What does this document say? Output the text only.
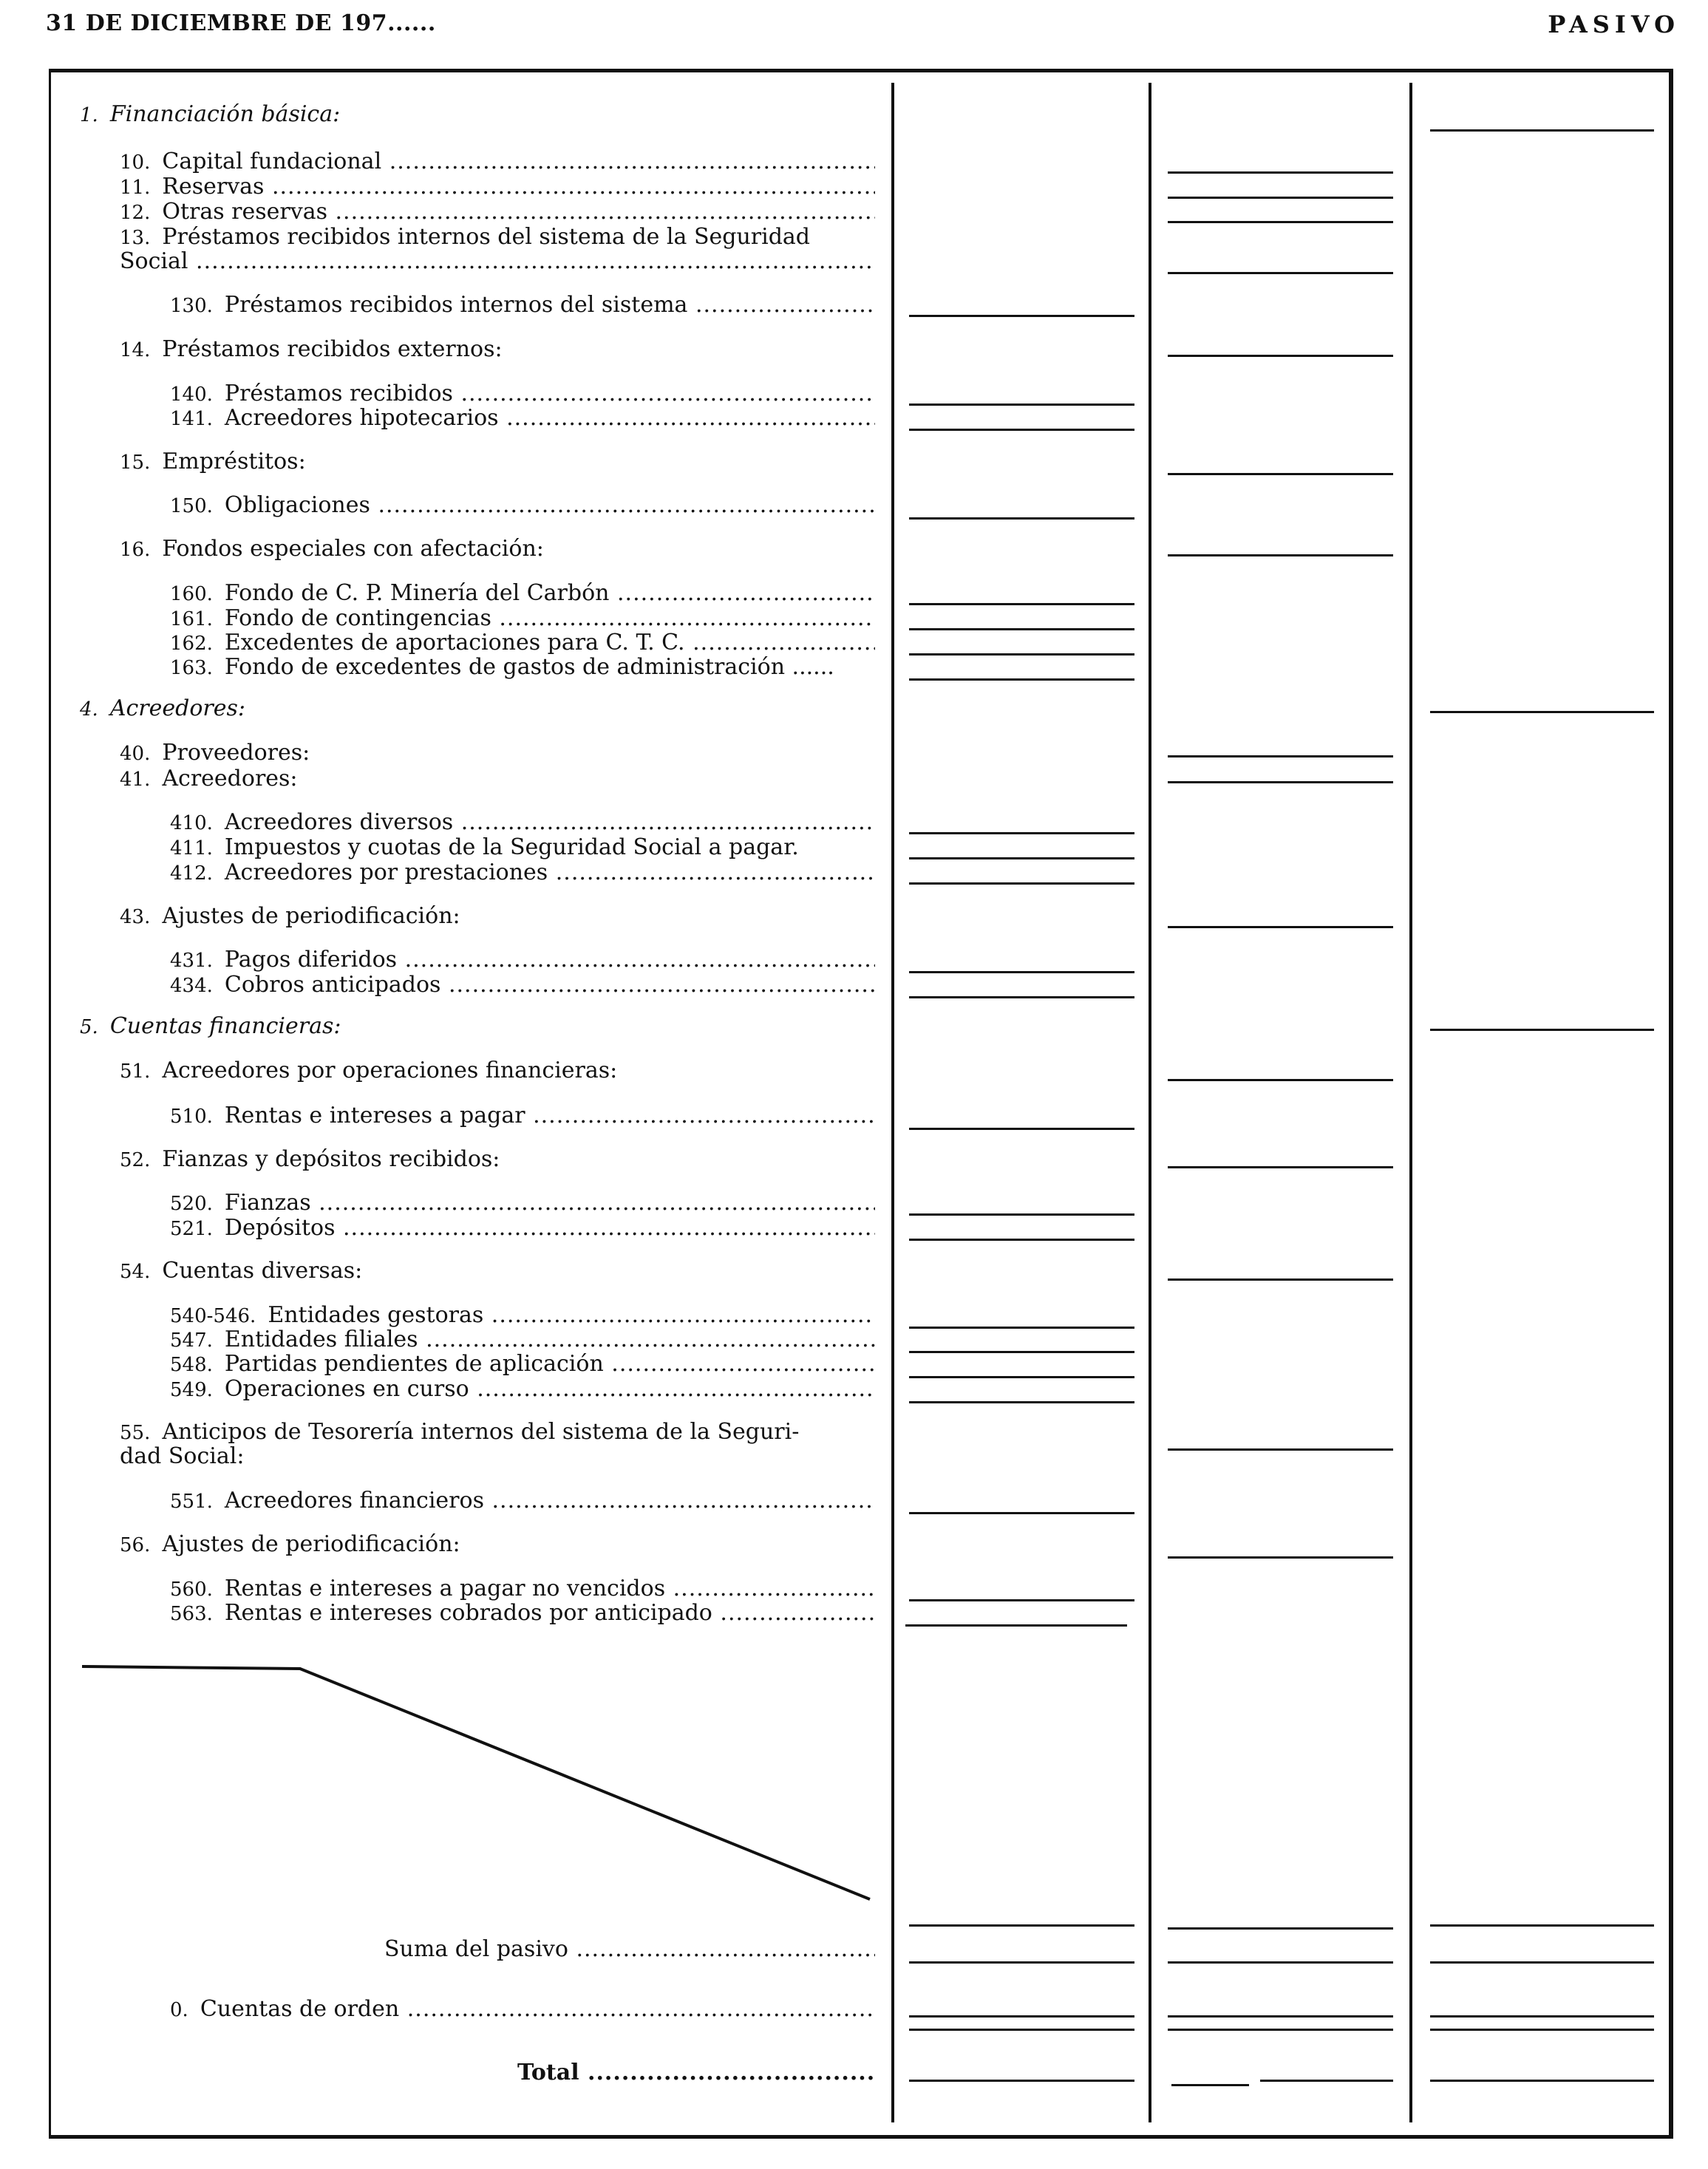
31 DE DICIEMBRE DE 197......	PASIVO
1. Financiación básica:
10. Capital fundacional .....
11. Reservas .....
12. Otras reservas .....
13. Préstamos recibidos internos del sistema de la Seguridad
Social .....
130. Préstamos recibidos internos del sistema .....
14. Préstamos recibidos externos:
140. Préstamos recibidos .....
141. Acreedores hipotecarios .....
15. Empréstitos:
150. Obligaciones .....
16. Fondos especiales con afectación:
160. Fondo de C. P. Minería del Carbón .....
161. Fondo de contingencias .....
162. Excedentes de aportaciones para C. T. C. .....
163. Fondo de excedentes de gastos de administración ......
4. Acreedores:
40. Proveedores:
41. Acreedores:
410. Acreedores diversos .....
411. Impuestos y cuotas de la Seguridad Social a pagar.
412. Acreedores por prestaciones .....
43. Ajustes de periodificación:
431. Pagos diferidos .....
434. Cobros anticipados .....
5. Cuentas financieras:
51. Acreedores por operaciones financieras:
510. Rentas e intereses a pagar .....
52. Fianzas y depósitos recibidos:
520. Fianzas .....
521. Depósitos .....
54. Cuentas diversas:
540-546. Entidades gestoras .....
547. Entidades filiales .....
548. Partidas pendientes de aplicación .....
549. Operaciones en curso .....
55. Anticipos de Tesorería internos del sistema de la Seguri-
dad Social:
551. Acreedores financieros .....
56. Ajustes de periodificación:
560. Rentas e intereses a pagar no vencidos .....
563. Rentas e intereses cobrados por anticipado .....
Suma del pasivo .....
0. Cuentas de orden .....
Total .....
